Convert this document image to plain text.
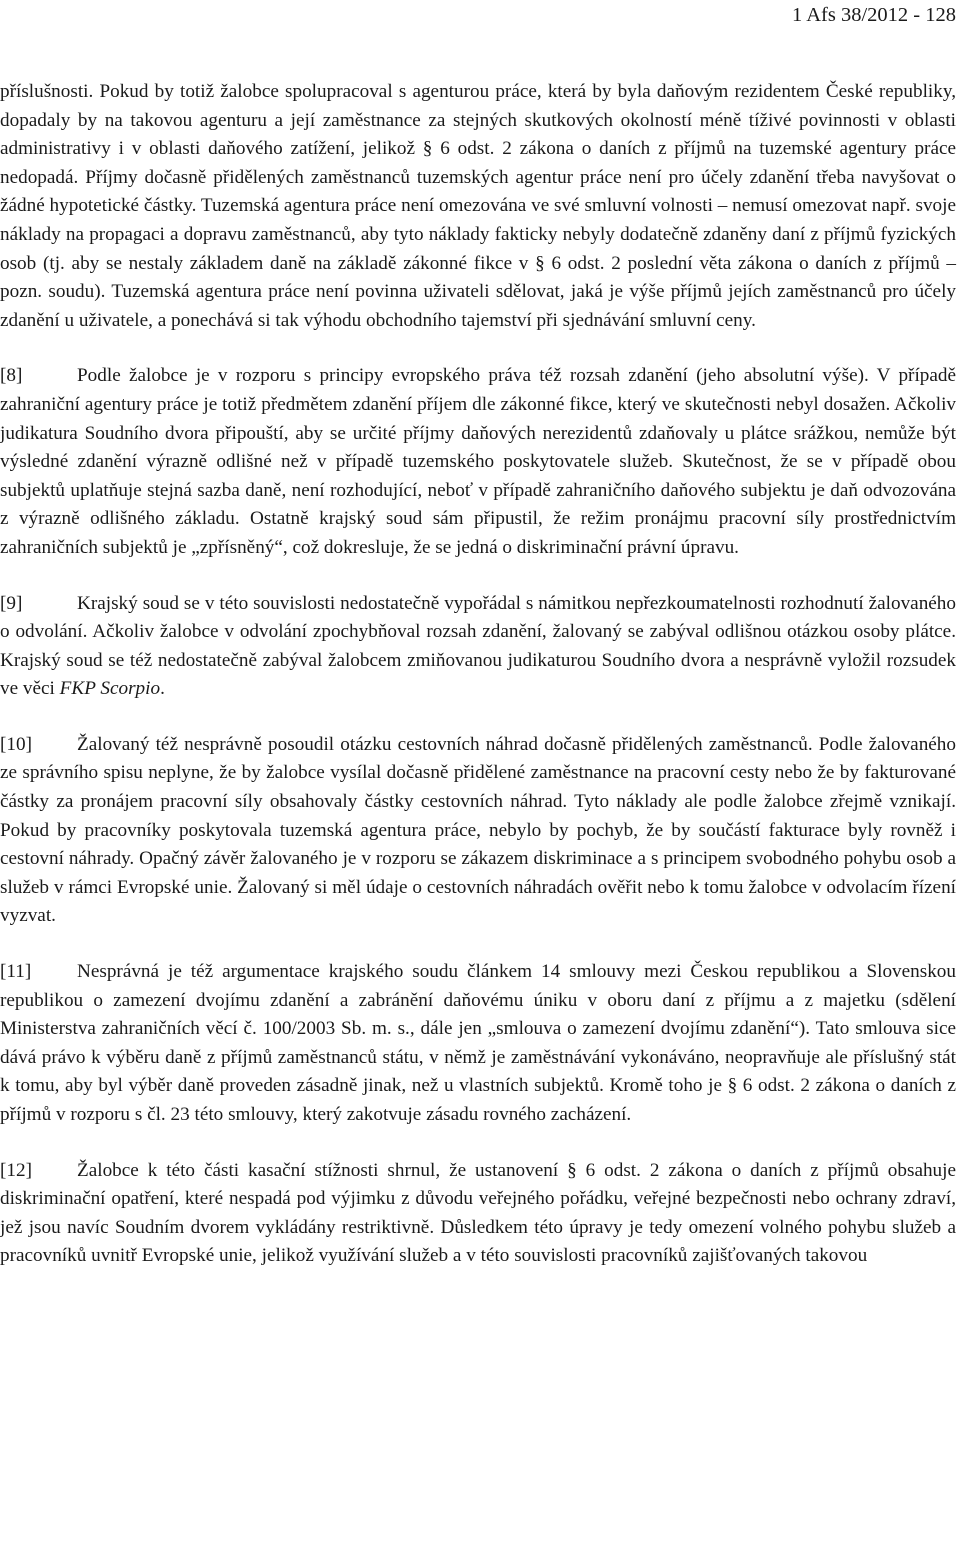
1 Afs 38/2012 - 128

příslušnosti. Pokud by totiž žalobce spolupracoval s agenturou práce, která by byla daňovým rezidentem České republiky, dopadaly by na takovou agenturu a její zaměstnance za stejných skutkových okolností méně tíživé povinnosti v oblasti administrativy i v oblasti daňového zatížení, jelikož § 6 odst. 2 zákona o daních z příjmů na tuzemské agentury práce nedopadá. Příjmy dočasně přidělených zaměstnanců tuzemských agentur práce není pro účely zdanění třeba navyšovat o žádné hypotetické částky. Tuzemská agentura práce není omezována ve své smluvní volnosti – nemusí omezovat např. svoje náklady na propagaci a dopravu zaměstnanců, aby tyto náklady fakticky nebyly dodatečně zdaněny daní z příjmů fyzických osob (tj. aby se nestaly základem daně na základě zákonné fikce v § 6 odst. 2 poslední věta zákona o daních z příjmů – pozn. soudu). Tuzemská agentura práce není povinna uživateli sdělovat, jaká je výše příjmů jejích zaměstnanců pro účely zdanění u uživatele, a ponechává si tak výhodu obchodního tajemství při sjednávání smluvní ceny.

[8]	Podle žalobce je v rozporu s principy evropského práva též rozsah zdanění (jeho absolutní výše). V případě zahraniční agentury práce je totiž předmětem zdanění příjem dle zákonné fikce, který ve skutečnosti nebyl dosažen. Ačkoliv judikatura Soudního dvora připouští, aby se určité příjmy daňových nerezidentů zdaňovaly u plátce srážkou, nemůže být výsledné zdanění výrazně odlišné než v případě tuzemského poskytovatele služeb. Skutečnost, že se v případě obou subjektů uplatňuje stejná sazba daně, není rozhodující, neboť v případě zahraničního daňového subjektu je daň odvozována z výrazně odlišného základu. Ostatně krajský soud sám připustil, že režim pronájmu pracovní síly prostřednictvím zahraničních subjektů je „zpřísněný“, což dokresluje, že se jedná o diskriminační právní úpravu.

[9]	Krajský soud se v této souvislosti nedostatečně vypořádal s námitkou nepřezkoumatelnosti rozhodnutí žalovaného o odvolání. Ačkoliv žalobce v odvolání zpochybňoval rozsah zdanění, žalovaný se zabýval odlišnou otázkou osoby plátce. Krajský soud se též nedostatečně zabýval žalobcem zmiňovanou judikaturou Soudního dvora a nesprávně vyložil rozsudek ve věci FKP Scorpio.

[10] Žalovaný též nesprávně posoudil otázku cestovních náhrad dočasně přidělených zaměstnanců. Podle žalovaného ze správního spisu neplyne, že by žalobce vysílal dočasně přidělené zaměstnance na pracovní cesty nebo že by fakturované částky za pronájem pracovní síly obsahovaly částky cestovních náhrad. Tyto náklady ale podle žalobce zřejmě vznikají. Pokud by pracovníky poskytovala tuzemská agentura práce, nebylo by pochyb, že by součástí fakturace byly rovněž i cestovní náhrady. Opačný závěr žalovaného je v rozporu se zákazem diskriminace a s principem svobodného pohybu osob a služeb v rámci Evropské unie. Žalovaný si měl údaje o cestovních náhradách ověřit nebo k tomu žalobce v odvolacím řízení vyzvat.

[11] Nesprávná je též argumentace krajského soudu článkem 14 smlouvy mezi Českou republikou a Slovenskou republikou o zamezení dvojímu zdanění a zabránění daňovému úniku v oboru daní z příjmu a z majetku (sdělení Ministerstva zahraničních věcí č. 100/2003 Sb. m. s., dále jen „smlouva o zamezení dvojímu zdanění“). Tato smlouva sice dává právo k výběru daně z příjmů zaměstnanců státu, v němž je zaměstnávání vykonáváno, neopravňuje ale příslušný stát k tomu, aby byl výběr daně proveden zásadně jinak, než u vlastních subjektů. Kromě toho je § 6 odst. 2 zákona o daních z příjmů v rozporu s čl. 23 této smlouvy, který zakotvuje zásadu rovného zacházení.

[12] Žalobce k této části kasační stížnosti shrnul, že ustanovení § 6 odst. 2 zákona o daních z příjmů obsahuje diskriminační opatření, které nespadá pod výjimku z důvodu veřejného pořádku, veřejné bezpečnosti nebo ochrany zdraví, jež jsou navíc Soudním dvorem vykládány restriktivně. Důsledkem této úpravy je tedy omezení volného pohybu služeb a pracovníků uvnitř Evropské unie, jelikož využívání služeb a v této souvislosti pracovníků zajišťovaných takovou
